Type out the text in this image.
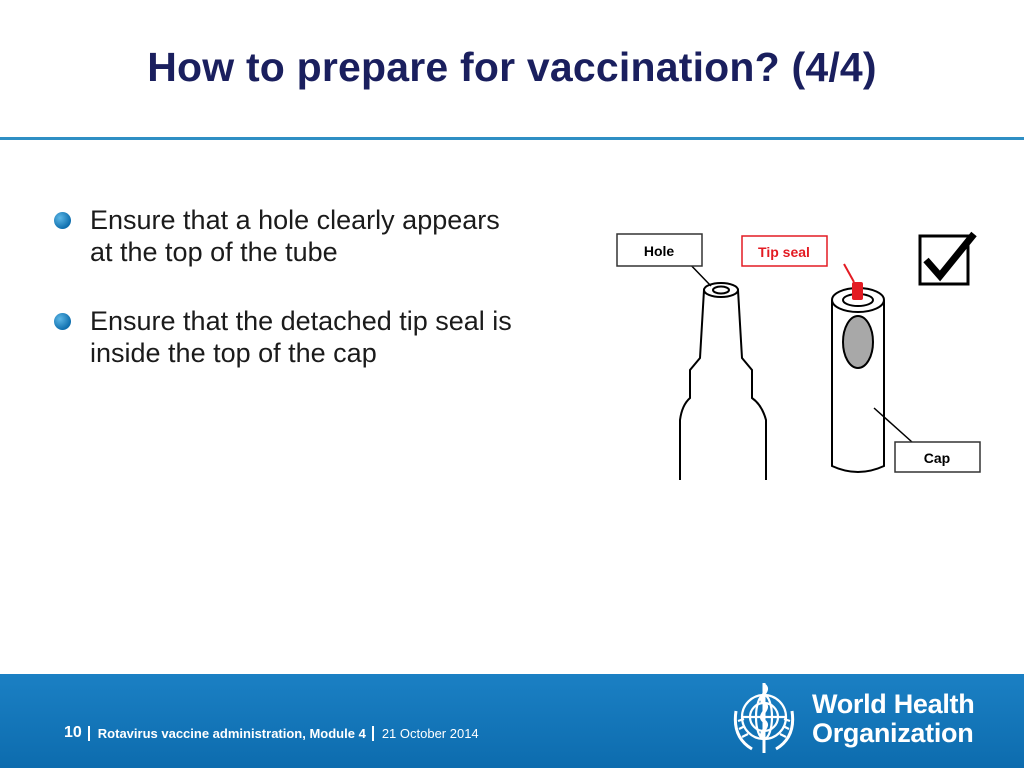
How to prepare for vaccination? (4/4)
Ensure that a hole clearly appears at the top of the tube
Ensure that the detached tip seal is inside the top of the cap
Hole	Tip seal
Cap
10 Rotavirus vaccine administration, Module 4 21 October 2014
World Health
Organization
